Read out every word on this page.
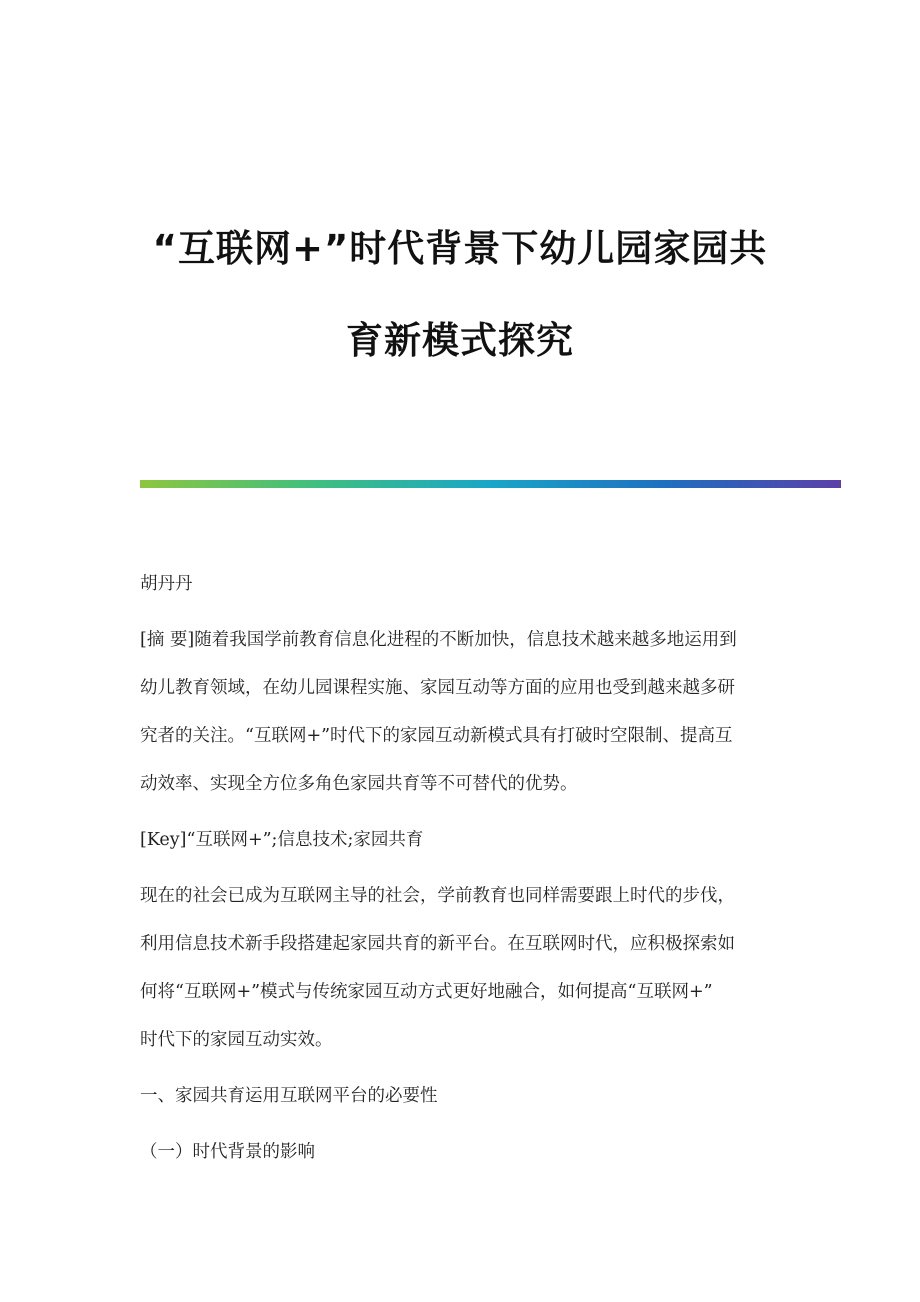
“互联网+”时代背景下幼儿园家园共
育新模式探究
胡丹丹
[摘 要]随着我国学前教育信息化进程的不断加快，信息技术越来越多地运用到
幼儿教育领域，在幼儿园课程实施、家园互动等方面的应用也受到越来越多研
究者的关注。“互联网+”时代下的家园互动新模式具有打破时空限制、提高互
动效率、实现全方位多角色家园共育等不可替代的优势。
[Key]“互联网+”;信息技术;家园共育
现在的社会已成为互联网主导的社会，学前教育也同样需要跟上时代的步伐，
利用信息技术新手段搭建起家园共育的新平台。在互联网时代，应积极探索如
何将“互联网+”模式与传统家园互动方式更好地融合，如何提高“互联网+”
时代下的家园互动实效。
一、家园共育运用互联网平台的必要性
（一）时代背景的影响
